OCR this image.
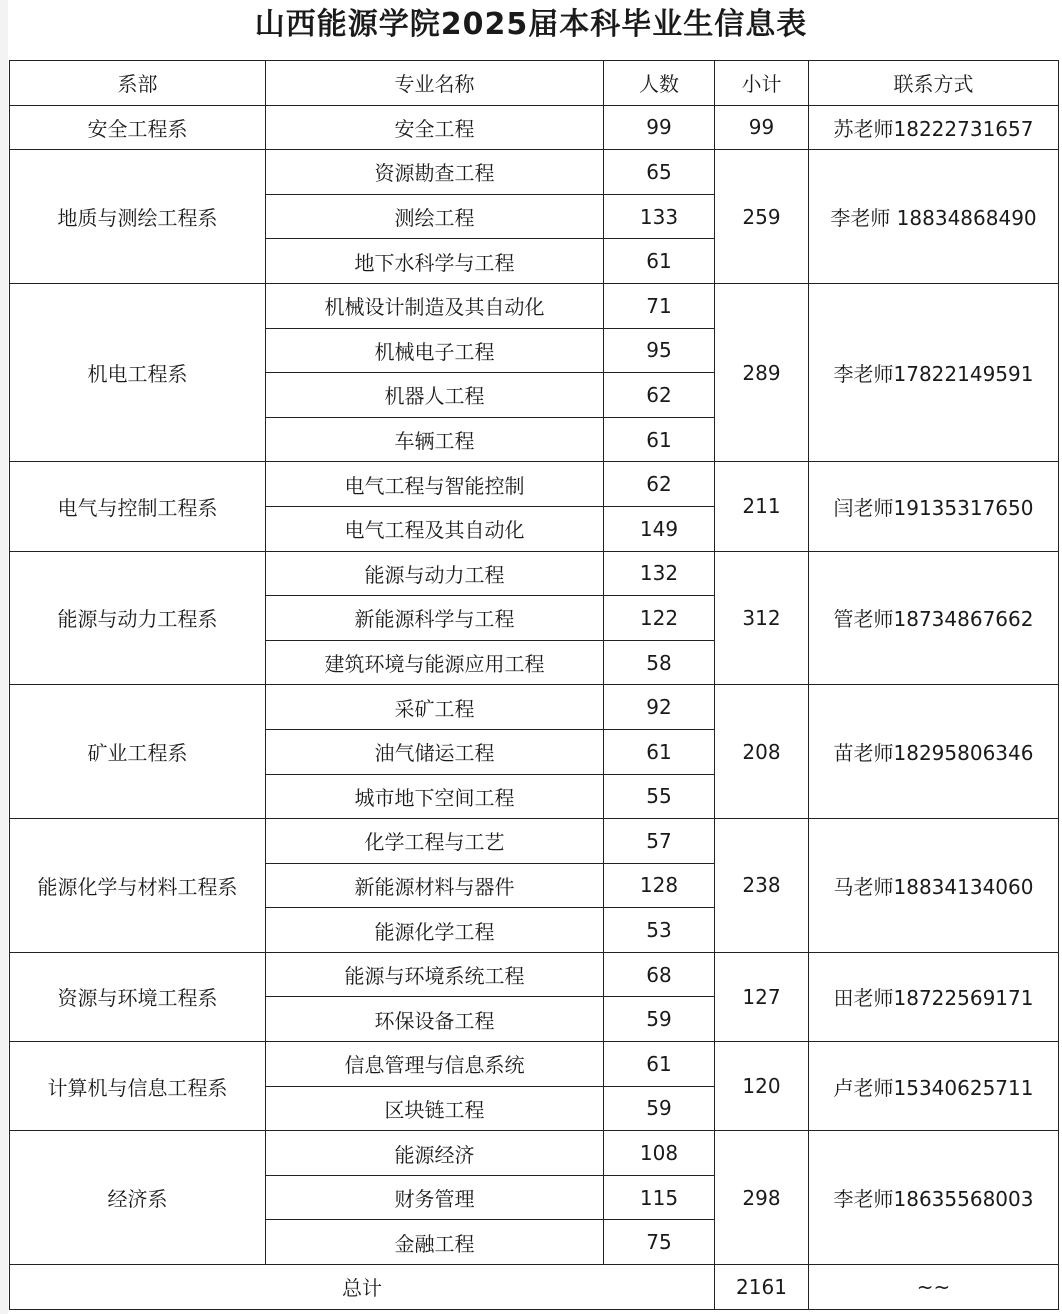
山西能源学院2025届本科毕业生信息表
系部	专业名称	人数	小计	联系方式
安全工程系	安全工程	99	99	苏老师18222731657
地质与测绘工程系	资源勘查工程	65	259	李老师 18834868490
	测绘工程	133		
	地下水科学与工程	61		
机电工程系	机械设计制造及其自动化	71	289	李老师17822149591
	机械电子工程	95		
	机器人工程	62		
	车辆工程	61		
电气与控制工程系	电气工程与智能控制	62	211	闫老师19135317650
	电气工程及其自动化	149		
能源与动力工程系	能源与动力工程	132	312	管老师18734867662
	新能源科学与工程	122		
	建筑环境与能源应用工程	58		
矿业工程系	采矿工程	92	208	苗老师18295806346
	油气储运工程	61		
	城市地下空间工程	55		
能源化学与材料工程系	化学工程与工艺	57	238	马老师18834134060
	新能源材料与器件	128		
	能源化学工程	53		
资源与环境工程系	能源与环境系统工程	68	127	田老师18722569171
	环保设备工程	59		
计算机与信息工程系	信息管理与信息系统	61	120	卢老师15340625711
	区块链工程	59		
经济系	能源经济	108	298	李老师18635568003
	财务管理	115		
	金融工程	75		
总计			2161	~~
